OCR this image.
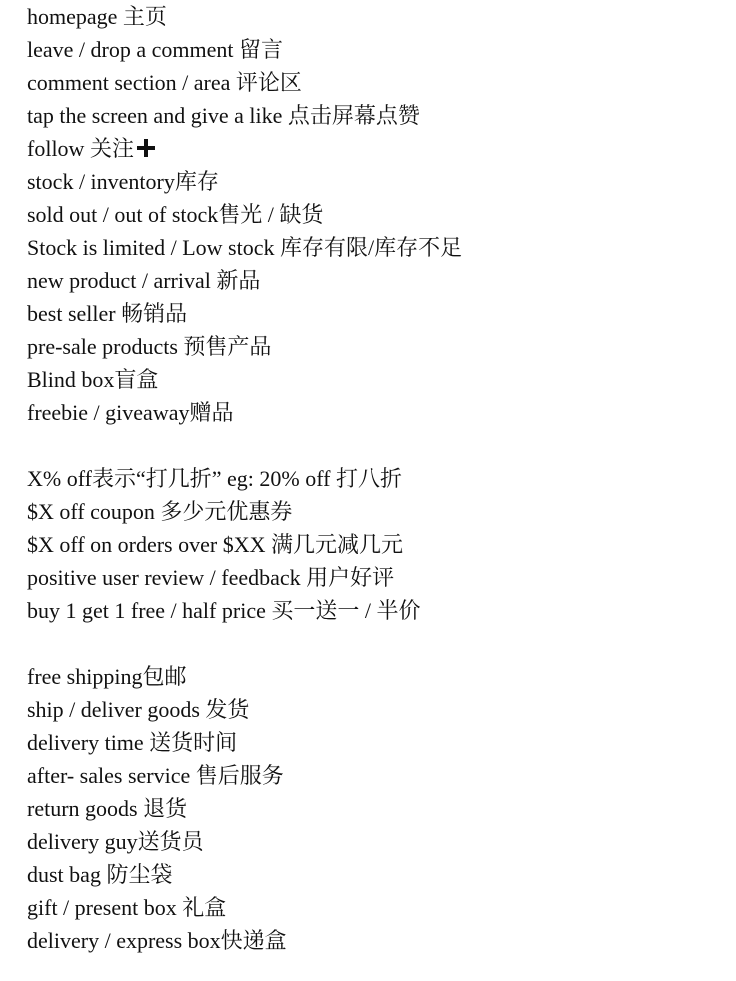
homepage 主页
leave / drop a comment 留言
comment section / area 评论区
tap the screen and give a like 点击屏幕点赞
follow 关注
stock / inventory库存
sold out / out of stock售光 / 缺货
Stock is limited / Low stock 库存有限/库存不足
new product / arrival 新品
best seller 畅销品
pre-sale products 预售产品
Blind box盲盒
freebie / giveaway赠品
X% off表示“打几折” eg: 20% off 打八折
$X off coupon 多少元优惠券
$X off on orders over $XX 满几元减几元
positive user review / feedback 用户好评
buy 1 get 1 free / half price 买一送一 / 半价
free shipping包邮
ship / deliver goods 发货
delivery time 送货时间
after- sales service 售后服务
return goods 退货
delivery guy送货员
dust bag 防尘袋
gift / present box 礼盒
delivery / express box快递盒
